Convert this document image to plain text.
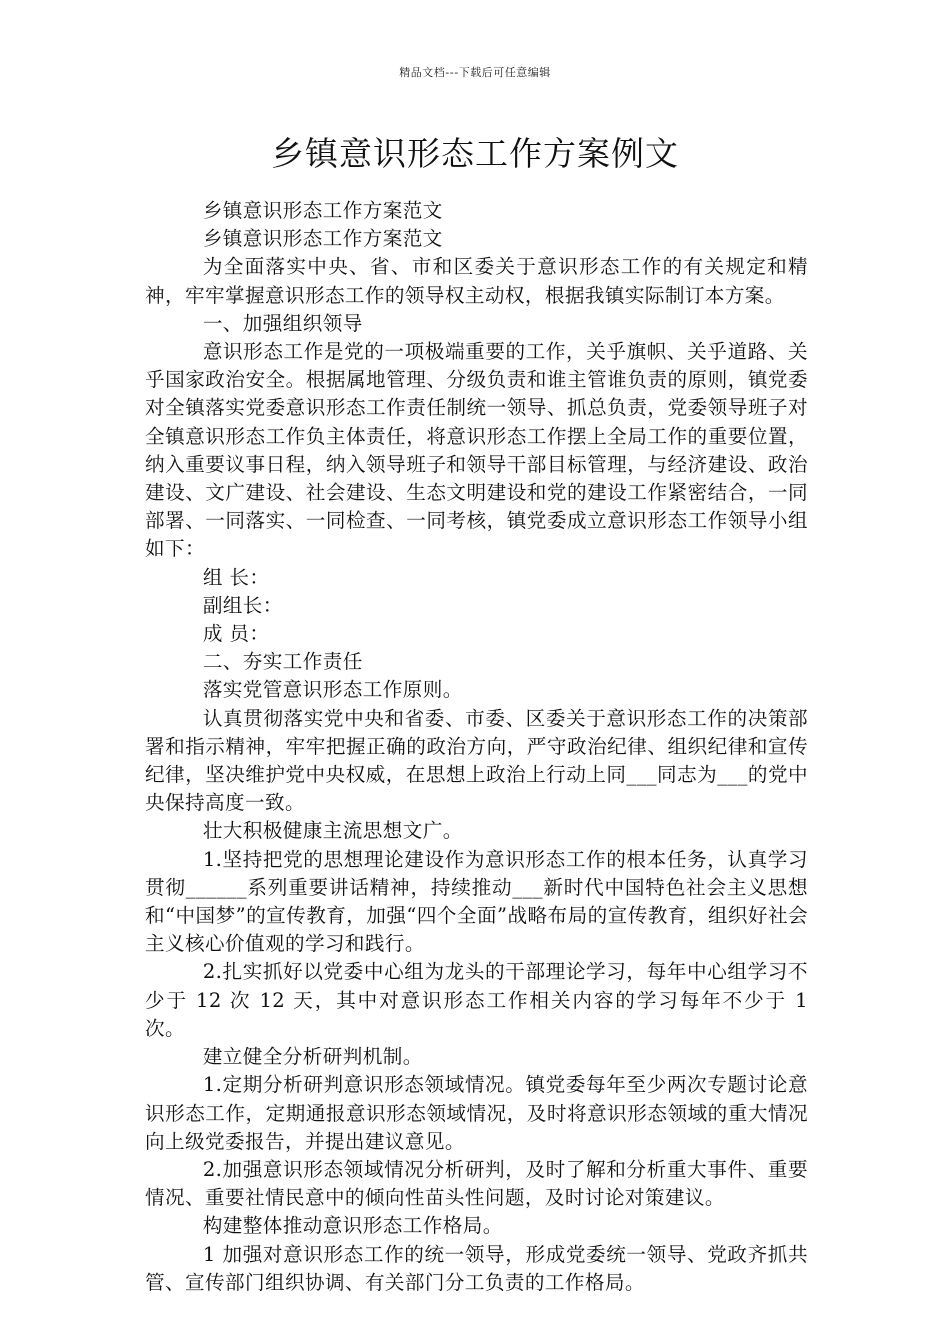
精品文档---下载后可任意编辑
乡镇意识形态工作方案例文

乡镇意识形态工作方案范文

乡镇意识形态工作方案范文

为全面落实中央、省、市和区委关于意识形态工作的有关规定和精神，牢牢掌握意识形态工作的领导权主动权，根据我镇实际制订本方案。

一、加强组织领导

意识形态工作是党的一项极端重要的工作，关乎旗帜、关乎道路、关乎国家政治安全。根据属地管理、分级负责和谁主管谁负责的原则，镇党委对全镇落实党委意识形态工作责任制统一领导、抓总负责，党委领导班子对全镇意识形态工作负主体责任，将意识形态工作摆上全局工作的重要位置，纳入重要议事日程，纳入领导班子和领导干部目标管理，与经济建设、政治建设、文广建设、社会建设、生态文明建设和党的建设工作紧密结合，一同部署、一同落实、一同检查、一同考核，镇党委成立意识形态工作领导小组如下：

组 长：

副组长：

成 员：

二、夯实工作责任

落实党管意识形态工作原则。

认真贯彻落实党中央和省委、市委、区委关于意识形态工作的决策部署和指示精神，牢牢把握正确的政治方向，严守政治纪律、组织纪律和宣传纪律，坚决维护党中央权威，在思想上政治上行动上同___同志为___的党中央保持高度一致。

壮大积极健康主流思想文广。

1.坚持把党的思想理论建设作为意识形态工作的根本任务，认真学习贯彻______系列重要讲话精神，持续推动___新时代中国特色社会主义思想和“中国梦”的宣传教育，加强“四个全面”战略布局的宣传教育，组织好社会主义核心价值观的学习和践行。

2.扎实抓好以党委中心组为龙头的干部理论学习，每年中心组学习不少于 12 次 12 天，其中对意识形态工作相关内容的学习每年不少于 1 次。

建立健全分析研判机制。

1.定期分析研判意识形态领域情况。镇党委每年至少两次专题讨论意识形态工作，定期通报意识形态领域情况，及时将意识形态领域的重大情况向上级党委报告，并提出建议意见。

2.加强意识形态领域情况分析研判，及时了解和分析重大事件、重要情况、重要社情民意中的倾向性苗头性问题，及时讨论对策建议。

构建整体推动意识形态工作格局。

1 加强对意识形态工作的统一领导，形成党委统一领导、党政齐抓共管、宣传部门组织协调、有关部门分工负责的工作格局。
